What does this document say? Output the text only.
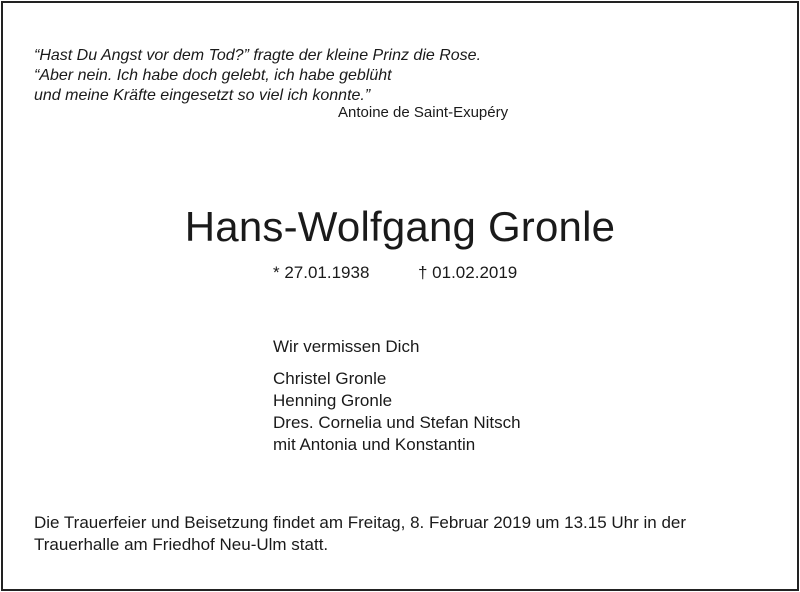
“Hast Du Angst vor dem Tod?” fragte der kleine Prinz die Rose.
“Aber nein. Ich habe doch gelebt, ich habe geblüht
und meine Kräfte eingesetzt so viel ich konnte.”
Antoine de Saint-Exupéry
Hans-Wolfgang Gronle
* 27.01.1938	† 01.02.2019
Wir vermissen Dich
Christel Gronle
Henning Gronle
Dres. Cornelia und Stefan Nitsch
mit Antonia und Konstantin
Die Trauerfeier und Beisetzung findet am Freitag, 8. Februar 2019 um 13.15 Uhr in der
Trauerhalle am Friedhof Neu-Ulm statt.
